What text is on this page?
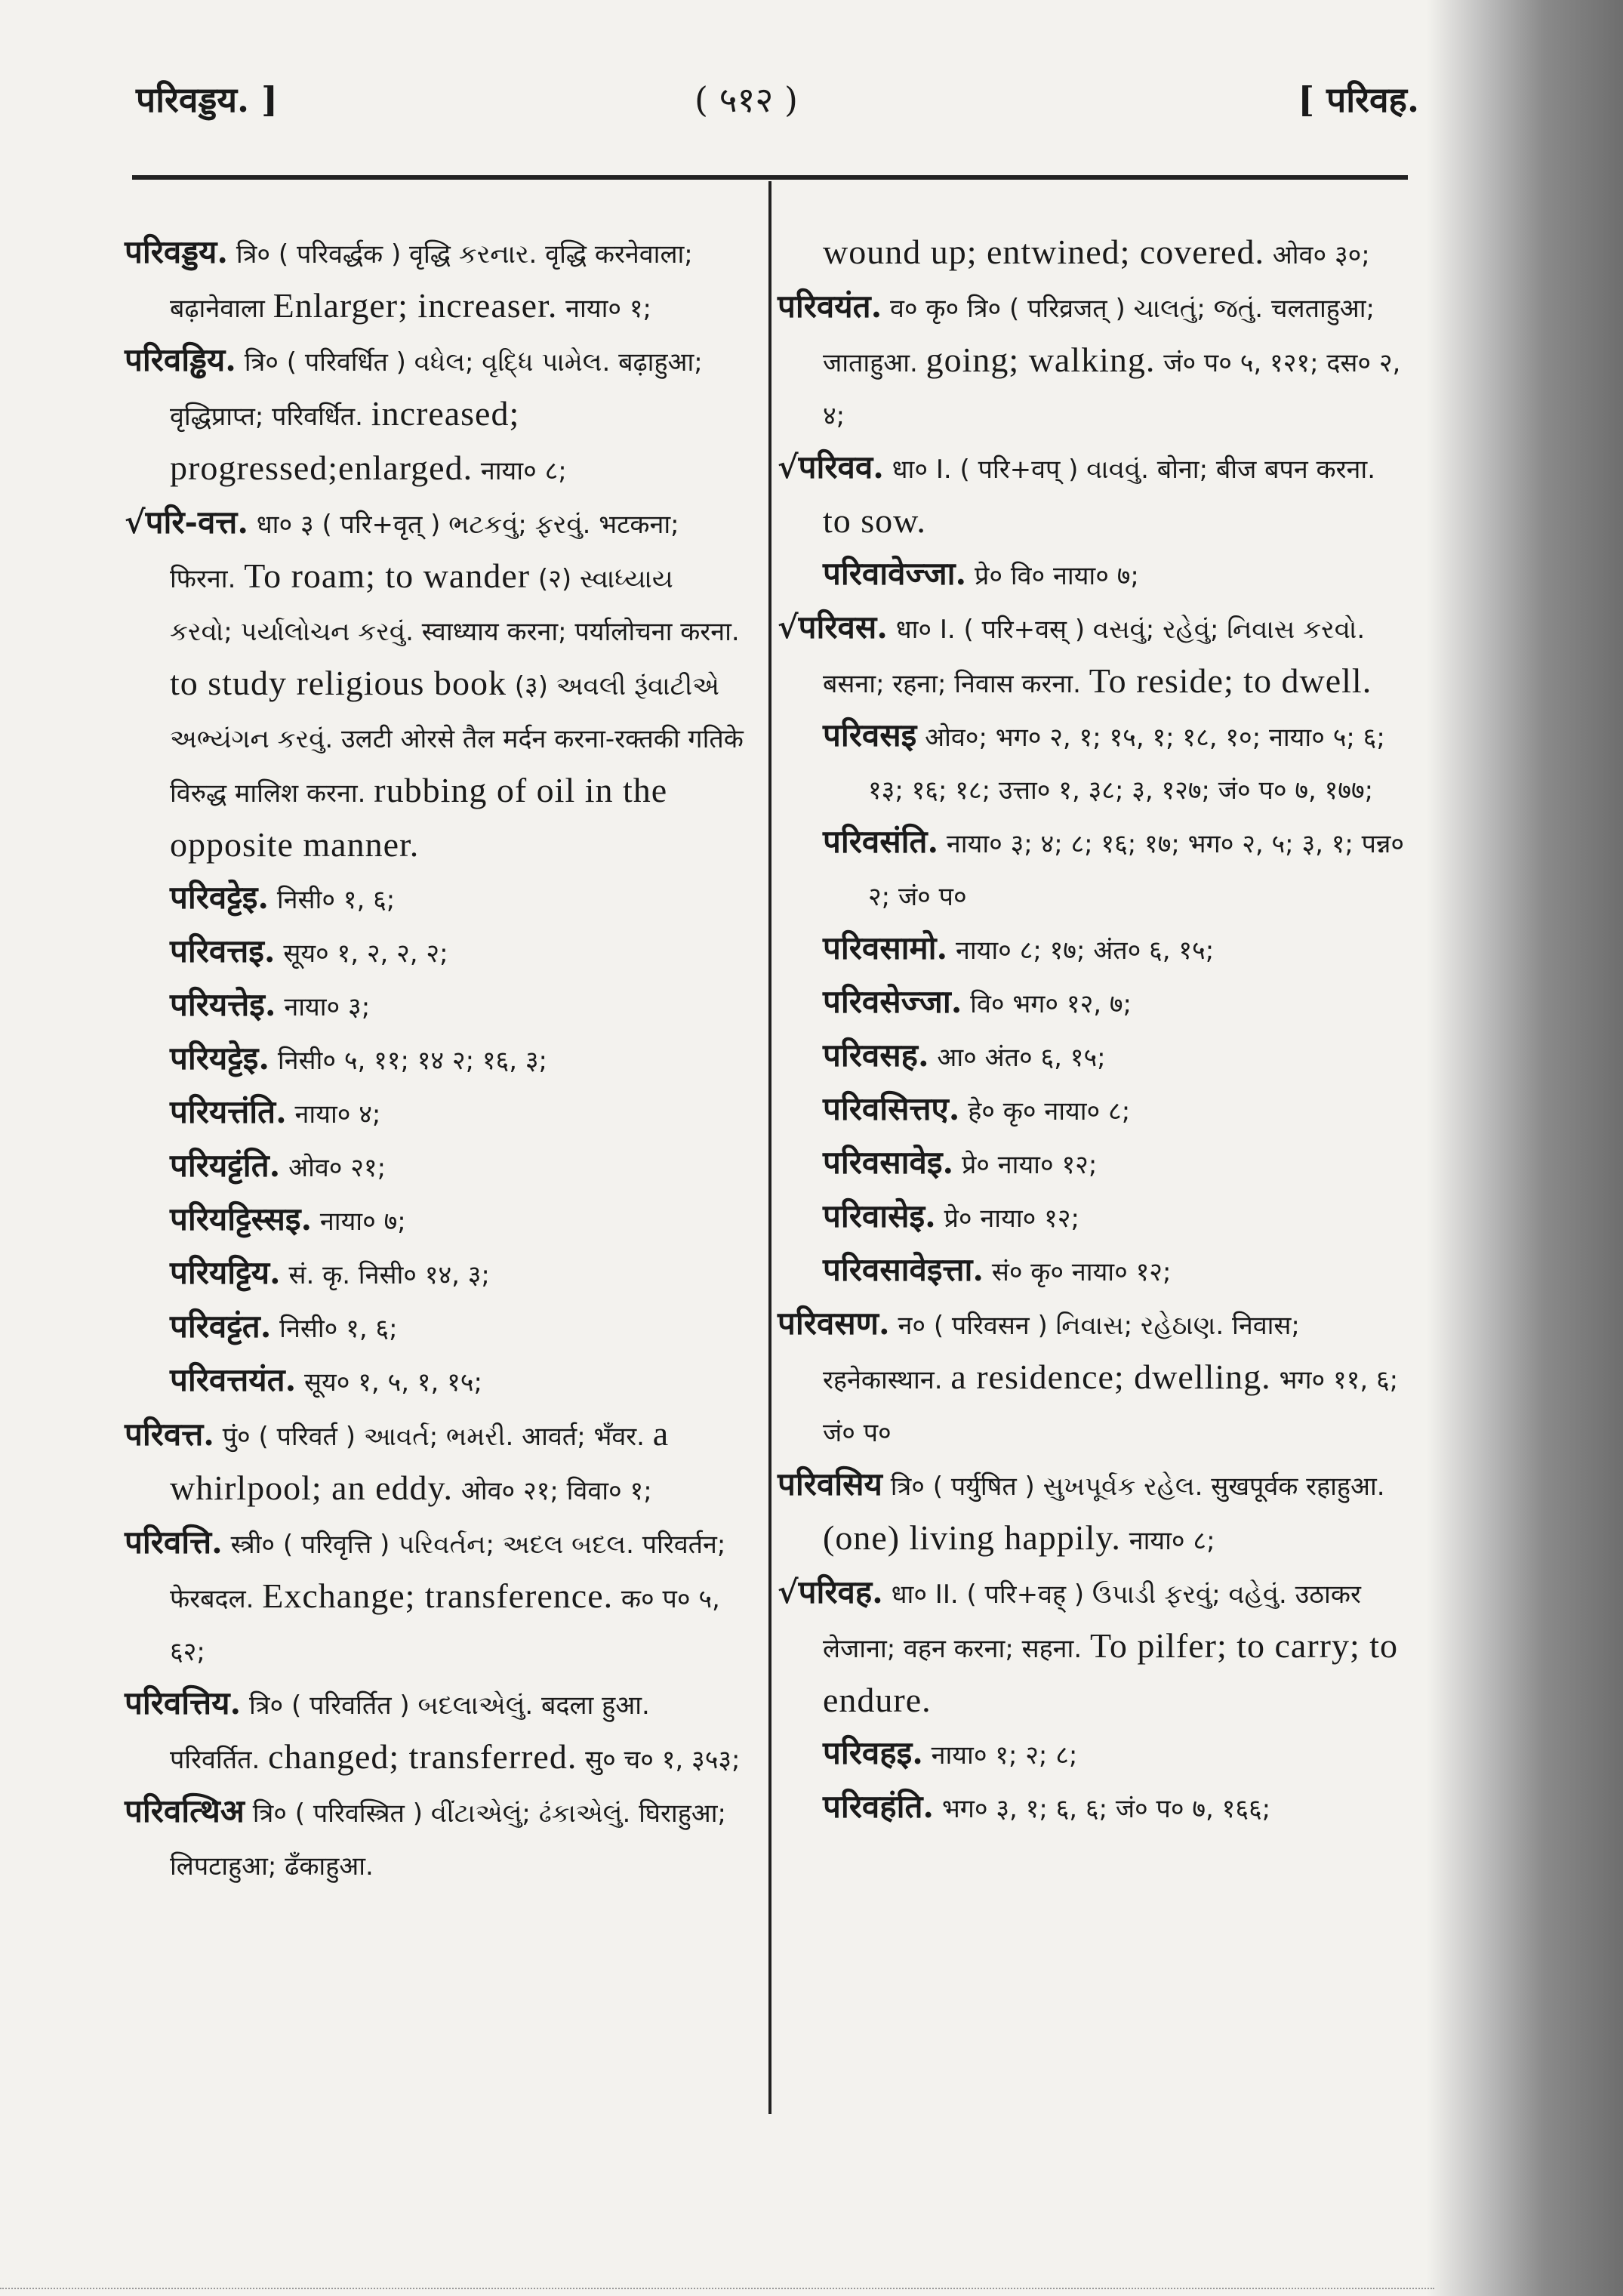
परिवड्डय. ]	( ५१२ )	[ परिवह.

परिवड्डय. त्रि० ( परिवर्द्धक ) वृद्धि કરનાર. वृद्धि करनेवाला; बढ़ानेवाला Enlarger; increaser. नाया० १;

परिवड्ढिय. त्रि० ( परिवर्धित ) વધેલ; વૃદ્ધિ પામેલ. बढ़ाहुआ; वृद्धिप्राप्त; परिवर्धित. increased; progressed;enlarged. नाया० ८;

√परि-वत्त. धा० ३ ( परि+वृत् ) ભટકવું; ફરવું. भटकना; फिरना. To roam; to wander (२) સ્વાધ્યાય કરવો; પર્યાલોચન કરવું. स्वाध्याय करना; पर्यालोचना करना. to study religious book (३) અવલી રૂંવાટીએ અભ્યંગન કરવું. उलटी ओरसे तैल मर्दन करना-रक्तकी गतिके विरुद्ध मालिश करना. rubbing of oil in the opposite manner.

परिवट्टेइ. निसी० १, ६;

परिवत्तइ. सूय० १, २, २, २;

परियत्तेइ. नाया० ३;

परियट्टेइ. निसी० ५, ११; १४ २; १६, ३;

परियत्तंति. नाया० ४;

परियट्टंति. ओव० २१;

परियट्टिस्सइ. नाया० ७;

परियट्टिय. सं. कृ. निसी० १४, ३;

परिवट्टंत. निसी० १, ६;

परिवत्तयंत. सूय० १, ५, १, १५;

परिवत्त. पुं० ( परिवर्त ) આવર્ત; ભમરી. आवर्त; भँवर. a whirlpool; an eddy. ओव० २१; विवा० १;

परिवत्ति. स्त्री० ( परिवृत्ति ) પરિવર્તન; અદલ બદલ. परिवर्तन; फेरबदल. Exchange; transference. क० प० ५, ६२;

परिवत्तिय. त्रि० ( परिवर्तित ) બદલાએલું. बदला हुआ. परिवर्तित. changed; transferred. सु० च० १, ३५३;

परिवत्थिअ त्रि० ( परिवस्त्रित ) વીંટાએલું; ઢંકાએલું. घिराहुआ; लिपटाहुआ; ढँकाहुआ.

wound up; entwined; covered. ओव० ३०;

परिवयंत. व० कृ० त्रि० ( परिव्रजत् ) ચાલતું; જતું. चलताहुआ; जाताहुआ. going; walking. जं० प० ५, १२१; दस० २, ४;

√परिवव. धा० I. ( परि+वप् ) વાવવું. बोना; बीज बपन करना. to sow.

परिवावेज्जा. प्रे० वि० नाया० ७;

√परिवस. धा० I. ( परि+वस् ) વસવું; રહેવું; નિવાસ કરવો. बसना; रहना; निवास करना. To reside; to dwell.

परिवसइ ओव०; भग० २, १; १५, १; १८, १०; नाया० ५; ६; १३; १६; १८; उत्ता० १, ३८; ३, १२७; जं० प० ७, १७७;

परिवसंति. नाया० ३; ४; ८; १६; १७; भग० २, ५; ३, १; पन्न० २; जं० प०

परिवसामो. नाया० ८; १७; अंत० ६, १५;

परिवसेज्जा. वि० भग० १२, ७;

परिवसह. आ० अंत० ६, १५;

परिवसित्तए. हे० कृ० नाया० ८;

परिवसावेइ. प्रे० नाया० १२;

परिवासेइ. प्रे० नाया० १२;

परिवसावेइत्ता. सं० कृ० नाया० १२;

परिवसण. न० ( परिवसन ) નિવાસ; રહેઠાણ. निवास; रहनेकास्थान. a residence; dwelling. भग० ११, ६; जं० प०

परिवसिय त्रि० ( पर्युषित ) સુખપૂર્વક રહેલ. सुखपूर्वक रहाहुआ. (one) living happily. नाया० ८;

√परिवह. धा० II. ( परि+वह् ) ઉપાડી ફરવું; વહેવું. उठाकर लेजाना; वहन करना; सहना. To pilfer; to carry; to endure.

परिवहइ. नाया० १; २; ८;

परिवहंति. भग० ३, १; ६, ६; जं० प० ७, १६६;
